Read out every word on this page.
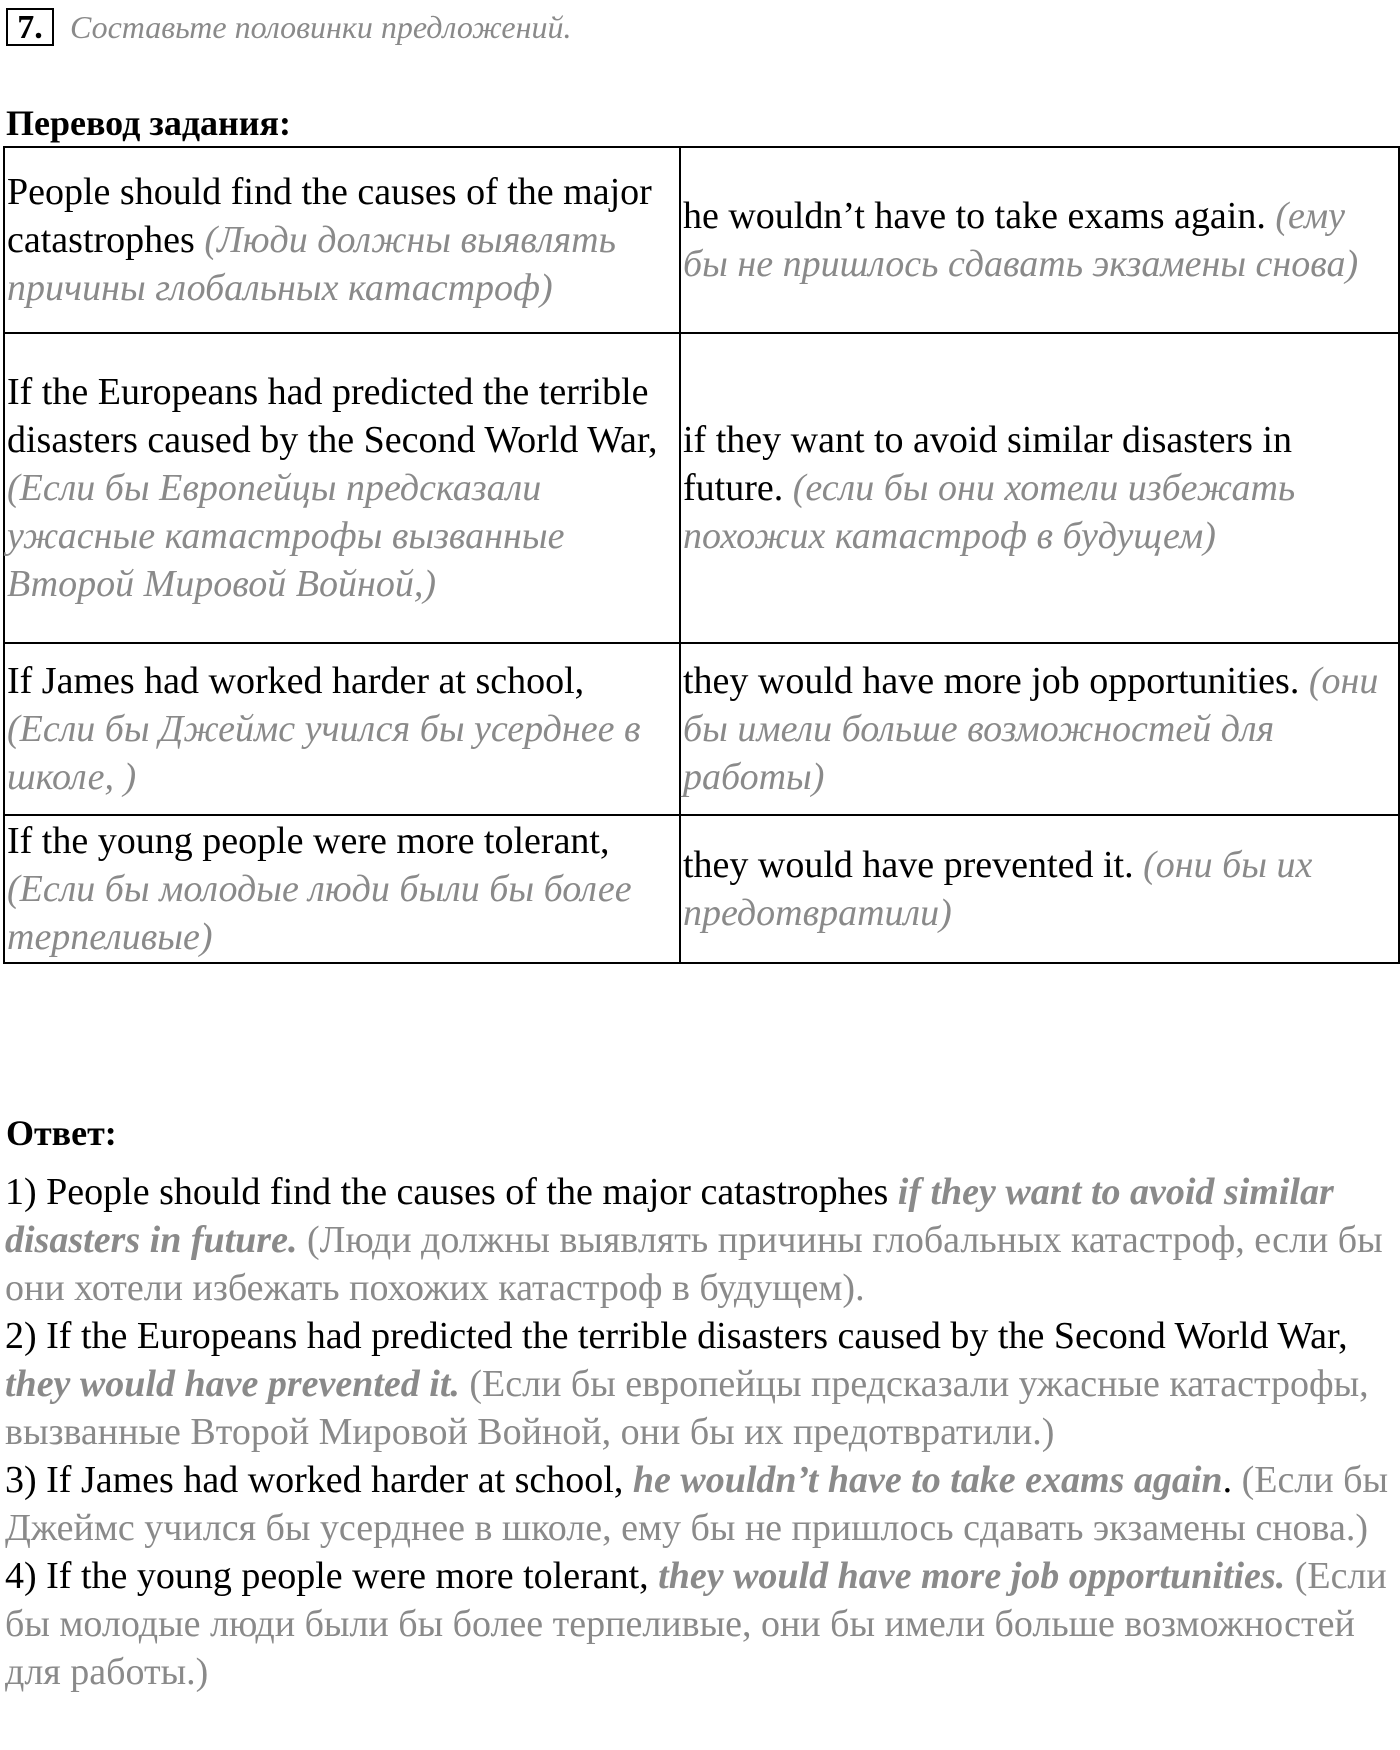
7. Составьте половинки предложений.
Перевод задания:
People should find the causes of the major catastrophes (Люди должны выявлять причины глобальных катастроф)	he wouldn’t have to take exams again. (ему бы не пришлось сдавать экзамены снова)
If the Europeans had predicted the terrible disasters caused by the Second World War, (Если бы Европейцы предсказали ужасные катастрофы вызванные Второй Мировой Войной,)	if they want to avoid similar disasters in future. (если бы они хотели избежать похожих катастроф в будущем)
If James had worked harder at school, (Если бы Джеймс учился бы усерднее в школе, )	they would have more job opportunities. (они бы имели больше возможностей для работы)
If the young people were more tolerant, (Если бы молодые люди были бы более терпеливые)	they would have prevented it. (они бы их предотвратили)
Ответ:

1) People should find the causes of the major catastrophes if they want to avoid similar disasters in future. (Люди должны выявлять причины глобальных катастроф, если бы они хотели избежать похожих катастроф в будущем).

2) If the Europeans had predicted the terrible disasters caused by the Second World War, they would have prevented it. (Если бы европейцы предсказали ужасные катастрофы, вызванные Второй Мировой Войной, они бы их предотвратили.)

3) If James had worked harder at school, he wouldn’t have to take exams again. (Если бы Джеймс учился бы усерднее в школе, ему бы не пришлось сдавать экзамены снова.)

4) If the young people were more tolerant, they would have more job opportunities. (Если бы молодые люди были бы более терпеливые, они бы имели больше возможностей для работы.)
